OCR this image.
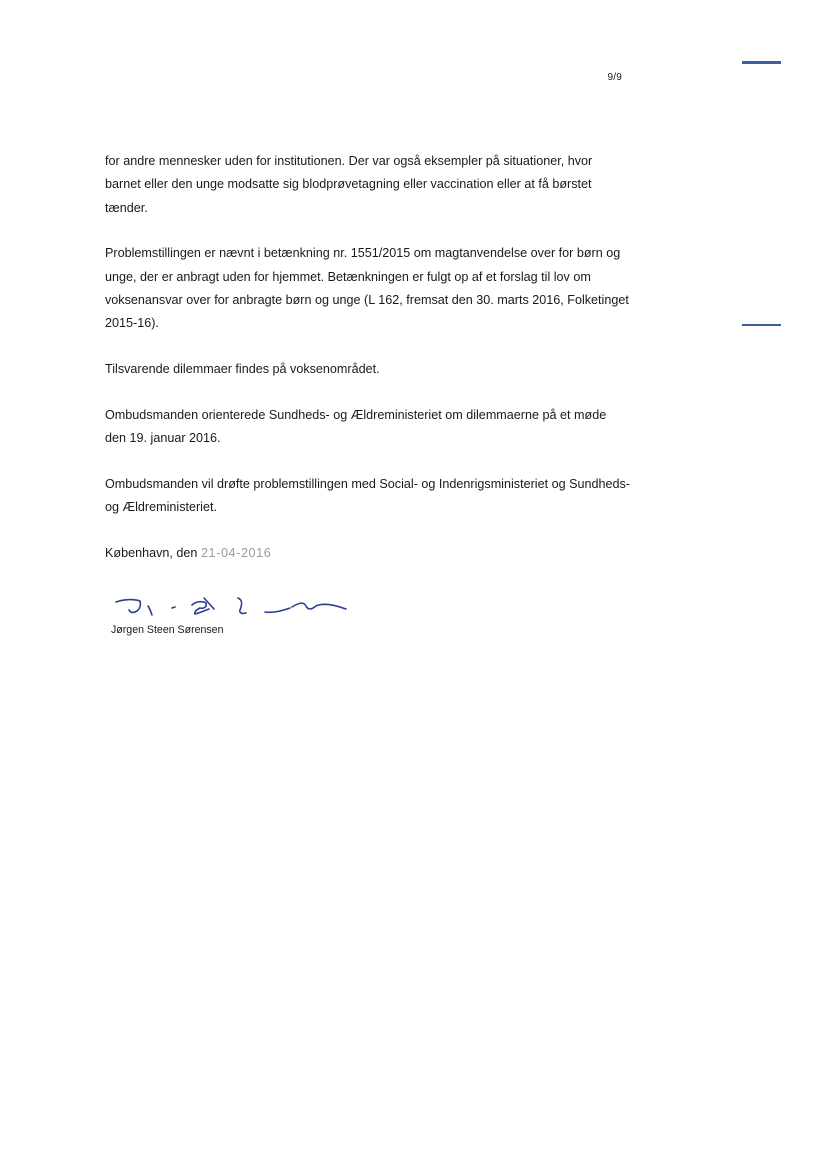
9/9

for andre mennesker uden for institutionen. Der var også eksempler på situationer, hvor barnet eller den unge modsatte sig blodprøvetagning eller vaccination eller at få børstet tænder.

Problemstillingen er nævnt i betænkning nr. 1551/2015 om magtanvendelse over for børn og unge, der er anbragt uden for hjemmet. Betænkningen er fulgt op af et forslag til lov om voksenansvar over for anbragte børn og unge (L 162, fremsat den 30. marts 2016, Folketinget 2015-16).

Tilsvarende dilemmaer findes på voksenområdet.

Ombudsmanden orienterede Sundheds- og Ældreministeriet om dilemmaerne på et møde den 19. januar 2016.

Ombudsmanden vil drøfte problemstillingen med Social- og Indenrigsministeriet og Sundheds- og Ældreministeriet.

København, den 21-04-2016

Jørgen Steen Sørensen
